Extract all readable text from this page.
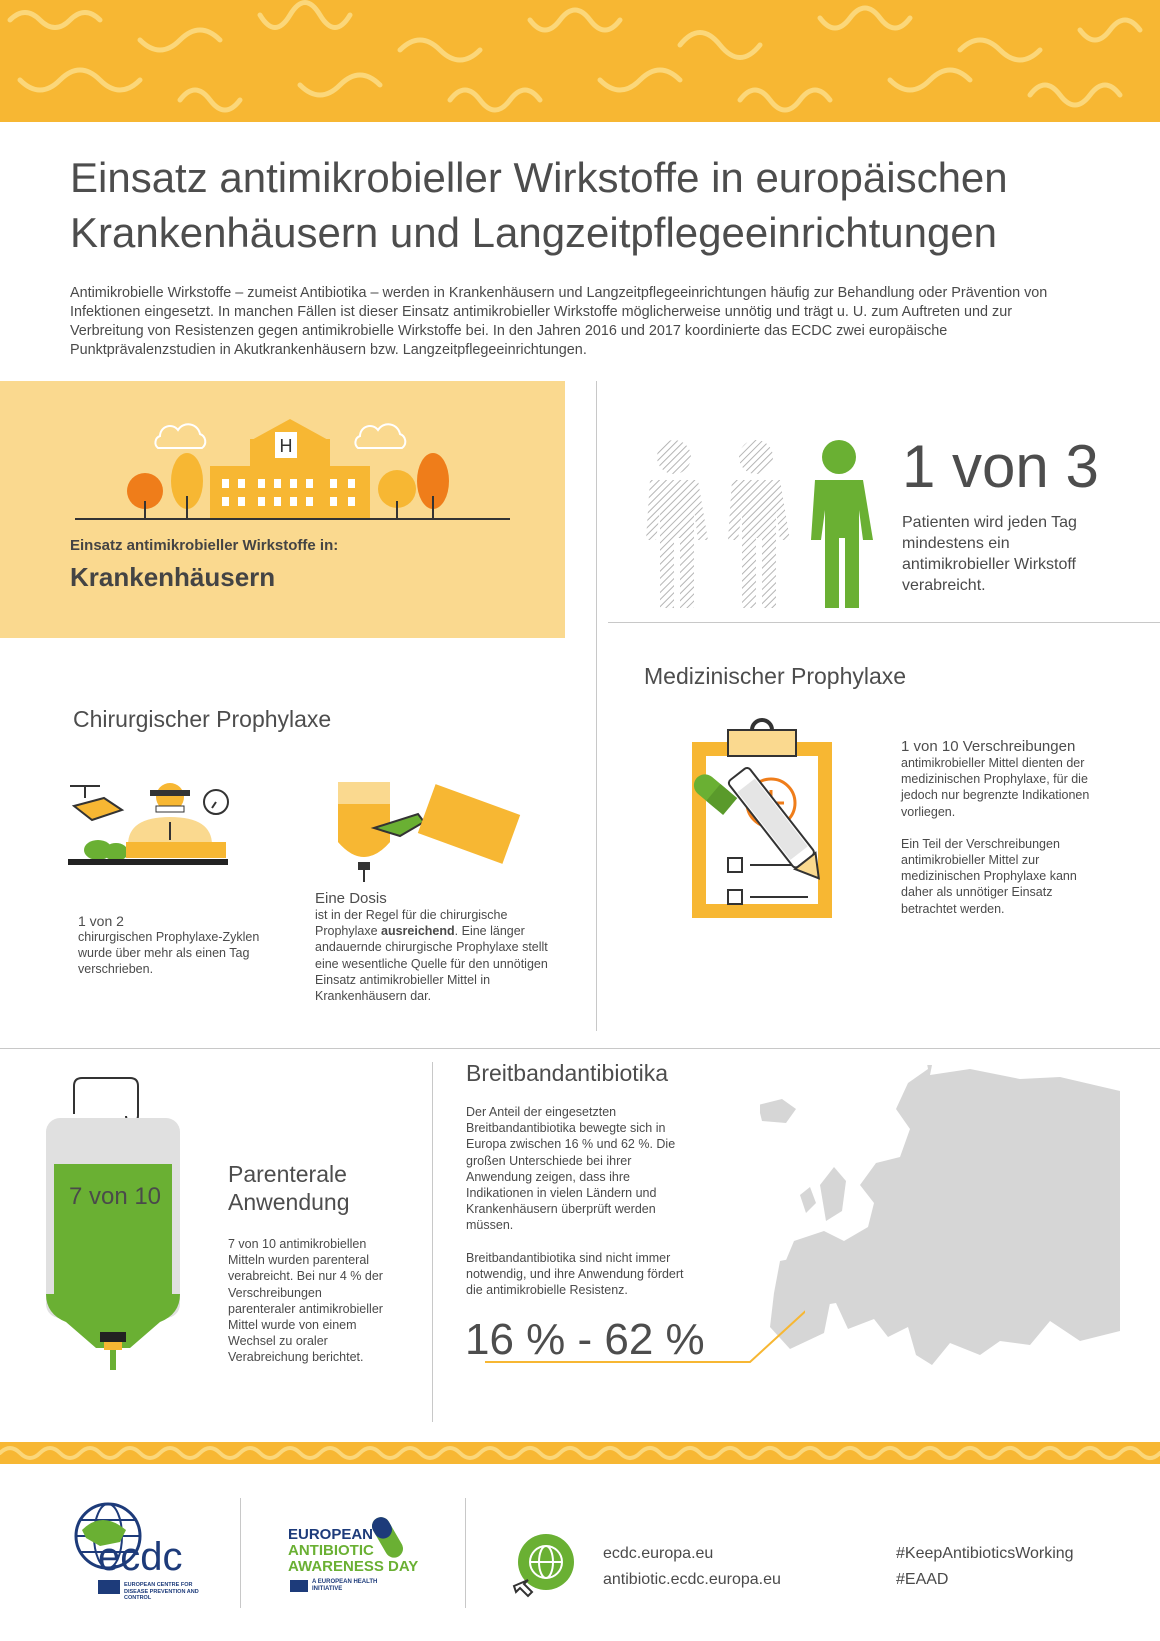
Einsatz antimikrobieller Wirkstoffe in europäischen
Krankenhäusern und Langzeitpflegeeinrichtungen

Antimikrobielle Wirkstoffe – zumeist Antibiotika – werden in Krankenhäusern und Langzeitpflegeeinrichtungen häufig zur Behandlung oder Prävention von Infektionen eingesetzt. In manchen Fällen ist dieser Einsatz antimikrobieller Wirkstoffe möglicherweise unnötig und trägt u. U. zum Auftreten und zur Verbreitung von Resistenzen gegen antimikrobielle Wirkstoffe bei. In den Jahren 2016 und 2017 koordinierte das ECDC zwei europäische Punktprävalenzstudien in Akutkrankenhäusern bzw. Langzeitpflegeeinrichtungen.

H
Einsatz antimikrobieller Wirkstoffe in:
Krankenhäusern
1 von 3
Patienten wird jeden Tag mindestens ein antimikrobieller Wirkstoff verabreicht.
Chirurgischer Prophylaxe
1 von 2
chirurgischen Prophylaxe-Zyklen wurde über mehr als einen Tag verschrieben.
Eine Dosis
ist in der Regel für die chirurgische Prophylaxe ausreichend. Eine länger andauernde chirurgische Prophylaxe stellt eine wesentliche Quelle für den unnötigen Einsatz antimikrobieller Mittel in Krankenhäusern dar.
Medizinischer Prophylaxe
1 von 10 Verschreibungen
antimikrobieller Mittel dienten der medizinischen Prophylaxe, für die jedoch nur begrenzte Indikationen vorliegen.
Ein Teil der Verschreibungen antimikrobieller Mittel zur medizinischen Prophylaxe kann daher als unnötiger Einsatz betrachtet werden.
7 von 10
Parenterale
Anwendung
7 von 10 antimikrobiellen Mitteln wurden parenteral verabreicht. Bei nur 4 % der Verschreibungen parenteraler antimikrobieller Mittel wurde von einem Wechsel zu oraler Verabreichung berichtet.
Breitbandantibiotika
Der Anteil der eingesetzten Breitbandantibiotika bewegte sich in Europa zwischen 16 % und 62 %. Die großen Unterschiede bei ihrer Anwendung zeigen, dass ihre Indikationen in vielen Ländern und Krankenhäusern überprüft werden müssen.
Breitbandantibiotika sind nicht immer notwendig, und ihre Anwendung fördert die antimikrobielle Resistenz.
16 % - 62 %
ecdc
EUROPEAN CENTRE FOR DISEASE PREVENTION AND CONTROL
EUROPEAN
ANTIBIOTIC
AWARENESS DAY
A EUROPEAN HEALTH INITIATIVE
ecdc.europa.eu
antibiotic.ecdc.europa.eu
#KeepAntibioticsWorking
#EAAD
